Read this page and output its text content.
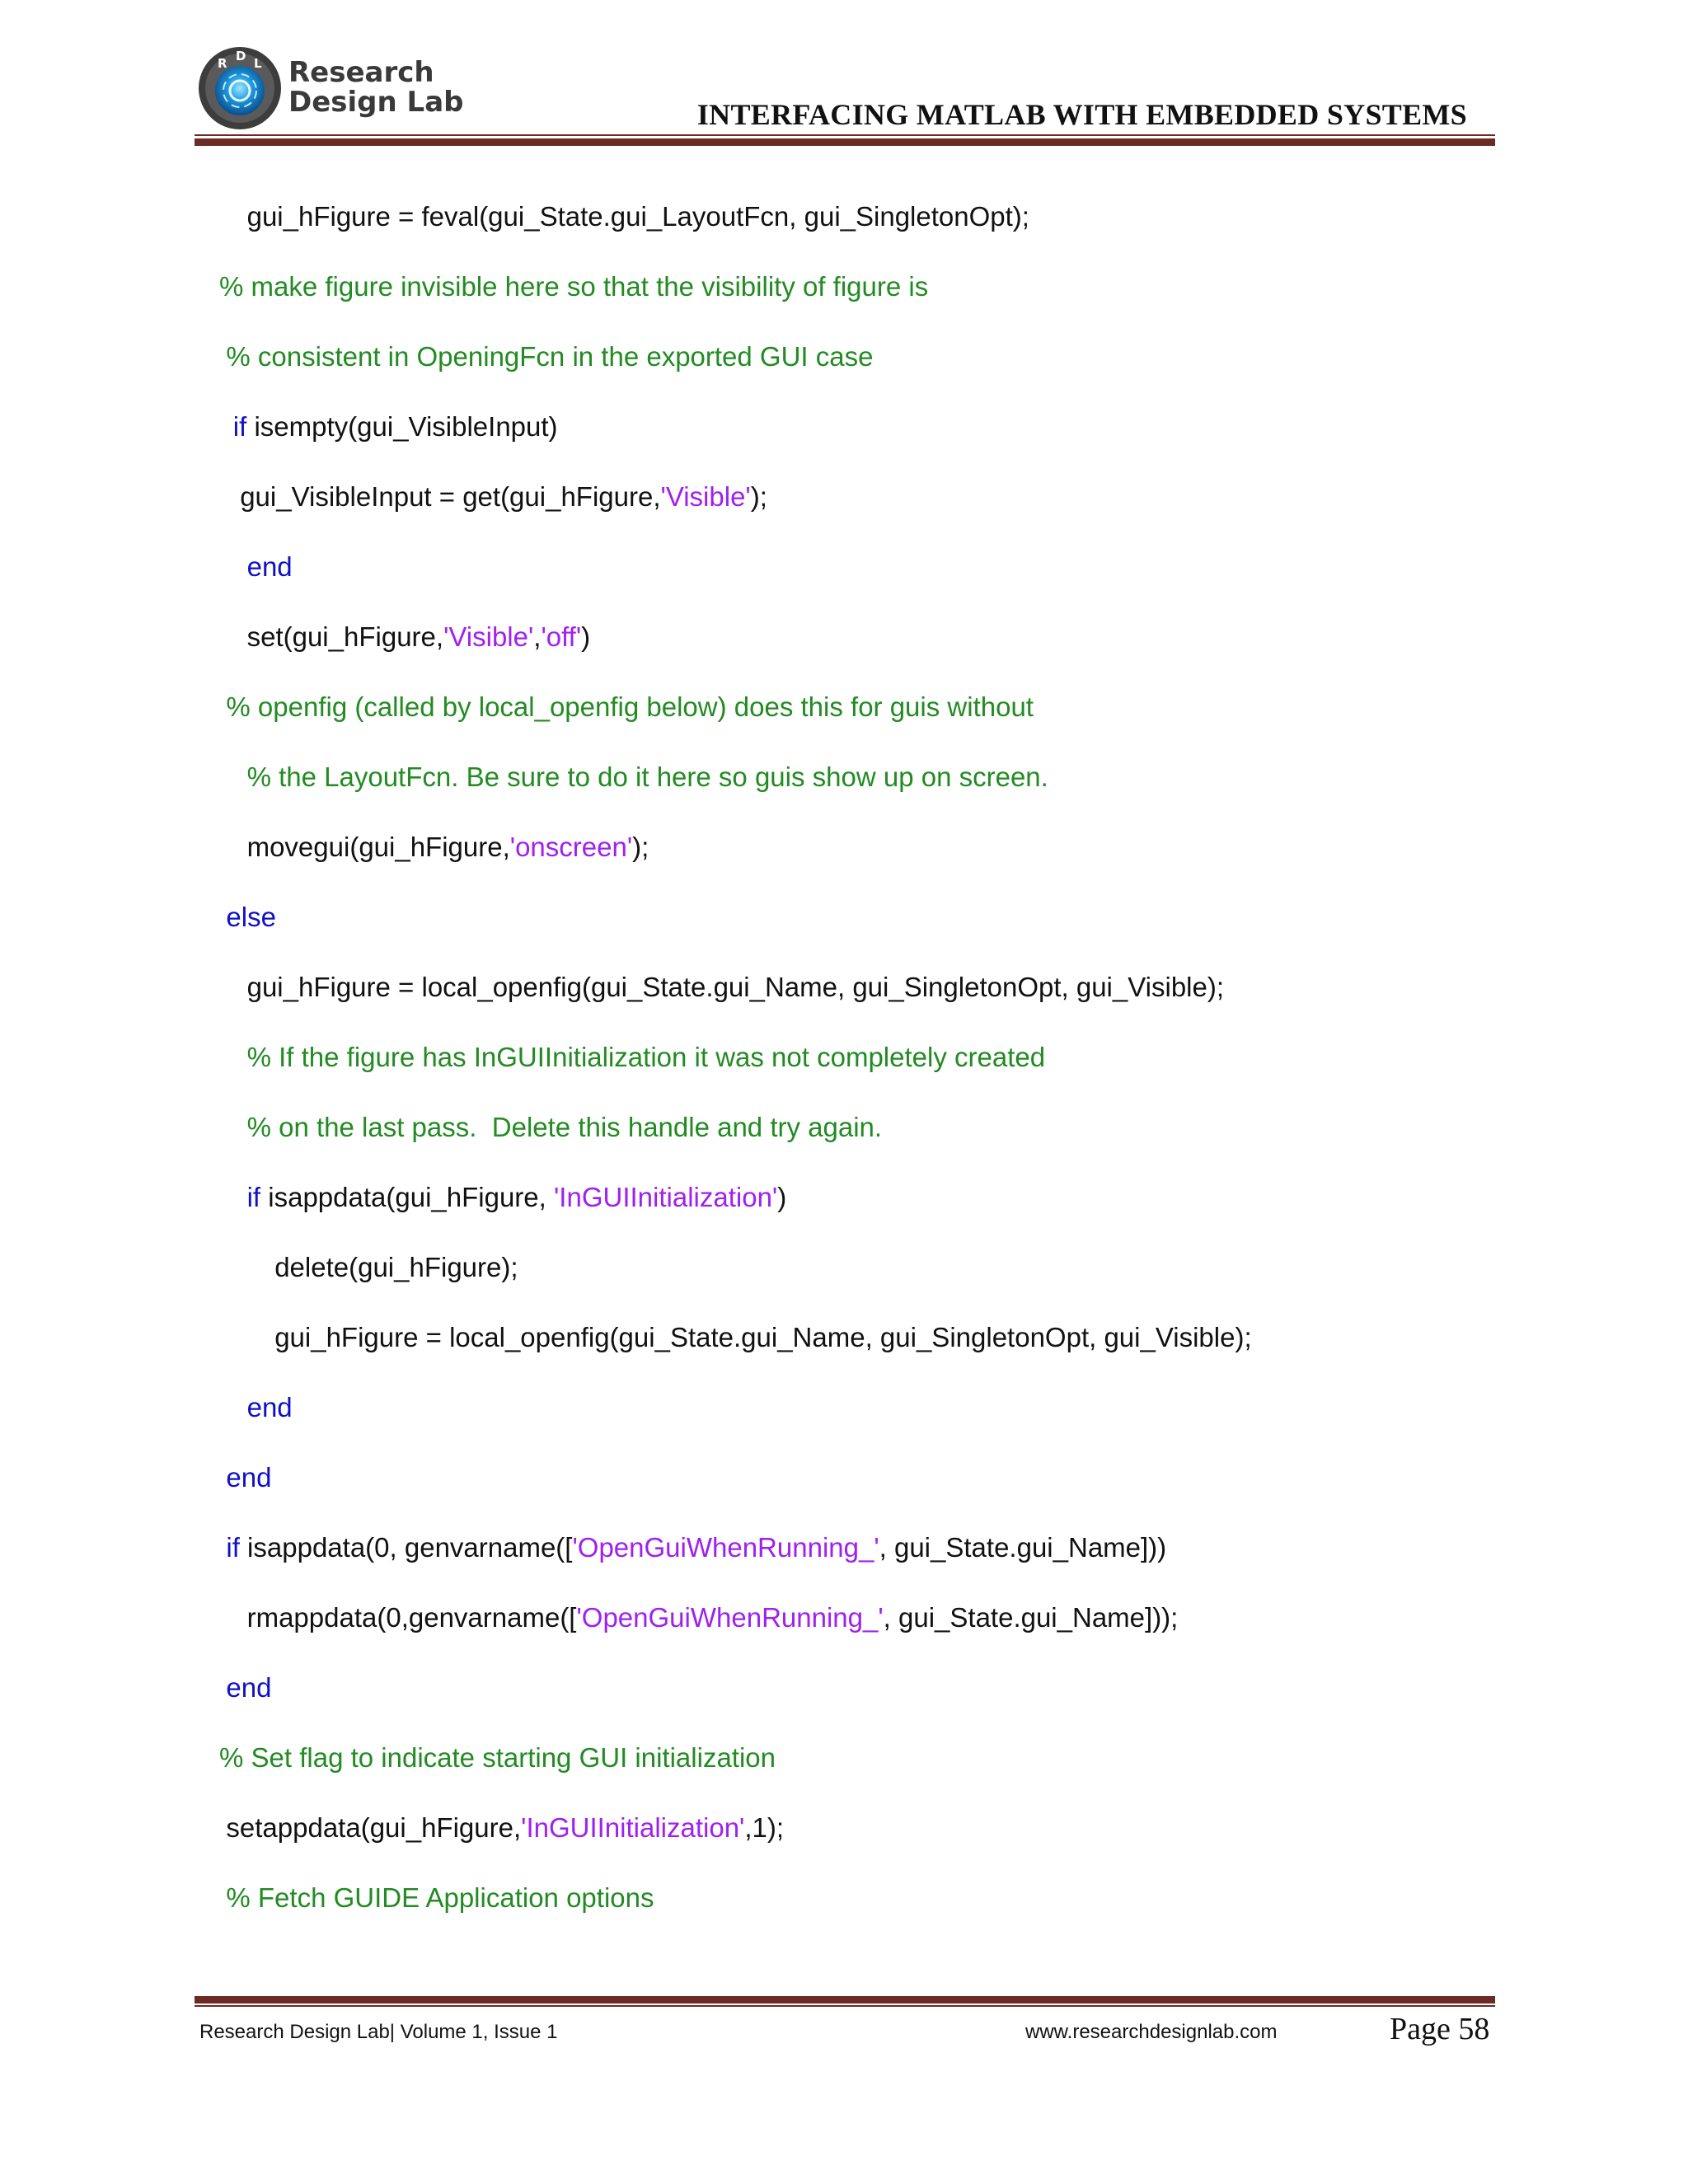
R D L Research
Design Lab	INTERFACING MATLAB WITH EMBEDDED SYSTEMS
gui_hFigure = feval(gui_State.gui_LayoutFcn, gui_SingletonOpt);
% make figure invisible here so that the visibility of figure is
% consistent in OpeningFcn in the exported GUI case
if isempty(gui_VisibleInput)
gui_VisibleInput = get(gui_hFigure,'Visible');
end
set(gui_hFigure,'Visible','off')
% openfig (called by local_openfig below) does this for guis without
% the LayoutFcn. Be sure to do it here so guis show up on screen.
movegui(gui_hFigure,'onscreen');
else
gui_hFigure = local_openfig(gui_State.gui_Name, gui_SingletonOpt, gui_Visible);
% If the figure has InGUIInitialization it was not completely created
% on the last pass.  Delete this handle and try again.
if isappdata(gui_hFigure, 'InGUIInitialization')
delete(gui_hFigure);
gui_hFigure = local_openfig(gui_State.gui_Name, gui_SingletonOpt, gui_Visible);
end
end
if isappdata(0, genvarname(['OpenGuiWhenRunning_', gui_State.gui_Name]))
rmappdata(0,genvarname(['OpenGuiWhenRunning_', gui_State.gui_Name]));
end
% Set flag to indicate starting GUI initialization
setappdata(gui_hFigure,'InGUIInitialization',1);
% Fetch GUIDE Application options
Research Design Lab| Volume 1, Issue 1	www.researchdesignlab.com	Page 58
